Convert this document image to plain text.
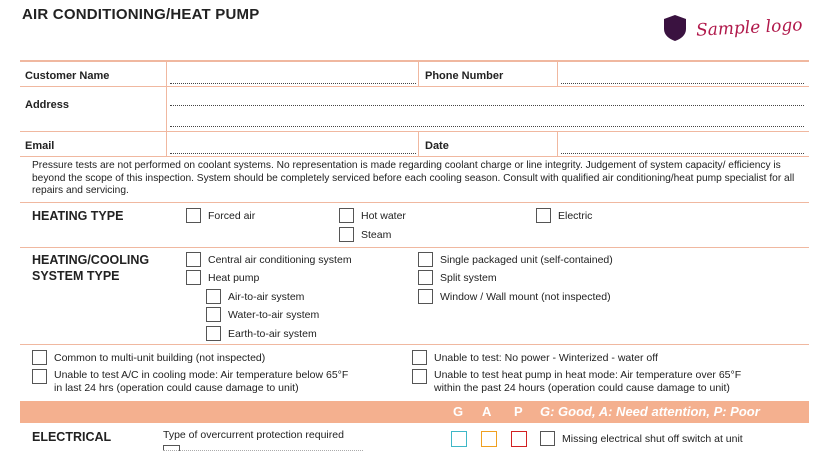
AIR CONDITIONING/HEAT PUMP
Sample logo
Customer Name	Phone Number
Address
Email	Date
Pressure tests are not performed on coolant systems. No representation is made regarding coolant charge or line integrity. Judgement of system capacity/ efficiency is beyond the scope of this inspection. System should be completely serviced before each cooling season. Consult with qualified air conditioning/heat pump specialist for all repairs and servicing.
HEATING TYPE	Forced air	Hot water
Steam
Electric
HEATING/COOLING
SYSTEM TYPE
Central air conditioning system
Heat pump
Air-to-air system
Water-to-air system
Earth-to-air system
Single packaged unit (self-contained)
Split system
Window / Wall mount (not inspected)
Common to multi-unit building (not inspected)	Unable to test: No power - Winterized - water off
Unable to test A/C in cooling mode: Air temperature below 65°F
in last 24 hrs (operation could cause damage to unit)
Unable to test heat pump in heat mode: Air temperature over 65°F
within the past 24 hours (operation could cause damage to unit)
G A P G: Good, A: Need attention, P: Poor
ELECTRICAL	Type of overcurrent protection required	Missing electrical shut off switch at unit
